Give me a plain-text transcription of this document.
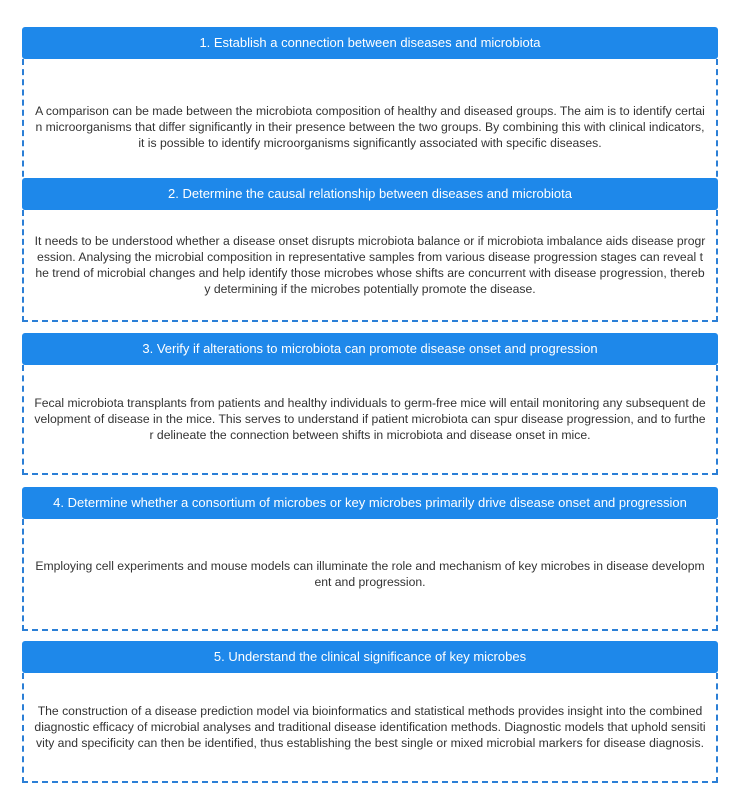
1. Establish a connection between diseases and microbiota
A comparison can be made between the microbiota composition of healthy and diseased groups. The aim is to identify certain microorganisms that differ significantly in their presence between the two groups. By combining this with clinical indicators, it is possible to identify microorganisms significantly associated with specific diseases.
2. Determine the causal relationship between diseases and microbiota
It needs to be understood whether a disease onset disrupts microbiota balance or if microbiota imbalance aids disease progression. Analysing the microbial composition in representative samples from various disease progression stages can reveal the trend of microbial changes and help identify those microbes whose shifts are concurrent with disease progression, thereby determining if the microbes potentially promote the disease.
3. Verify if alterations to microbiota can promote disease onset and progression
Fecal microbiota transplants from patients and healthy individuals to germ-free mice will entail monitoring any subsequent development of disease in the mice. This serves to understand if patient microbiota can spur disease progression, and to further delineate the connection between shifts in microbiota and disease onset in mice.
4. Determine whether a consortium of microbes or key microbes primarily drive disease onset and progression
Employing cell experiments and mouse models can illuminate the role and mechanism of key microbes in disease development and progression.
5. Understand the clinical significance of key microbes
The construction of a disease prediction model via bioinformatics and statistical methods provides insight into the combined diagnostic efficacy of microbial analyses and traditional disease identification methods. Diagnostic models that uphold sensitivity and specificity can then be identified, thus establishing the best single or mixed microbial markers for disease diagnosis.
